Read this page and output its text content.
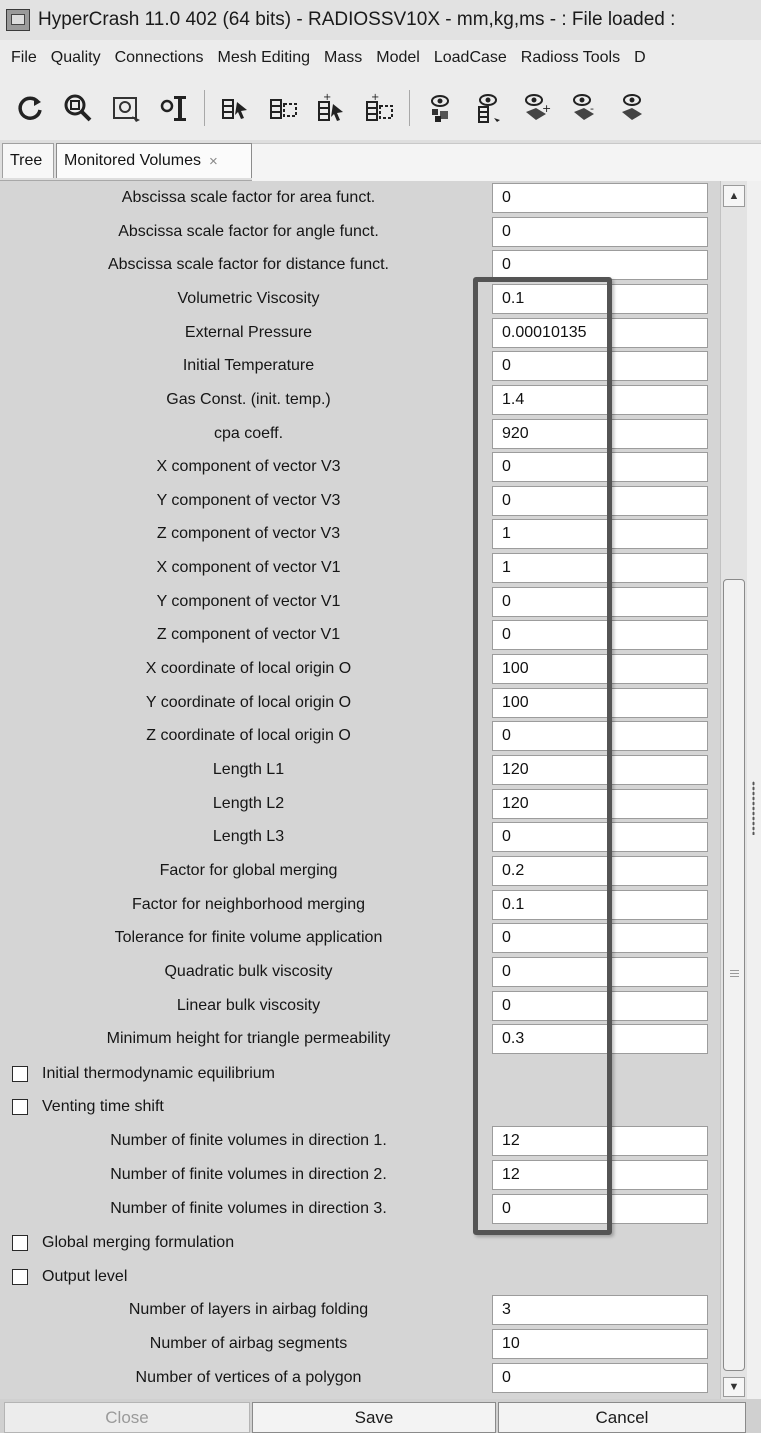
HyperCrash 11.0 402 (64 bits) - RADIOSSV10X - mm,kg,ms - : File loaded :
File Quality Connections Mesh Editing Mass Model LoadCase Radioss Tools D
+	+
+	-
Tree Monitored Volumes ×
Abscissa scale factor for area funct.	0
Abscissa scale factor for angle funct.	0
Abscissa scale factor for distance funct.	0
Volumetric Viscosity	0.1
External Pressure	0.00010135
Initial Temperature	0
Gas Const. (init. temp.)	1.4
cpa coeff.	920
X component of vector V3	0
Y component of vector V3	0
Z component of vector V3	1
X component of vector V1	1
Y component of vector V1	0
Z component of vector V1	0
X coordinate of local origin O	100
Y coordinate of local origin O	100
Z coordinate of local origin O	0
Length L1	120
Length L2	120
Length L3	0
Factor for global merging	0.2
Factor for neighborhood merging	0.1
Tolerance for finite volume application	0
Quadratic bulk viscosity	0
Linear bulk viscosity	0
Minimum height for triangle permeability	0.3
Initial thermodynamic equilibrium
Venting time shift
Number of finite volumes in direction 1.	12
Number of finite volumes in direction 2.	12
Number of finite volumes in direction 3.	0
Global merging formulation
Output level
Number of layers in airbag folding	3
Number of airbag segments	10
Number of vertices of a polygon	0
▲
▼
Close	Save	Cancel
